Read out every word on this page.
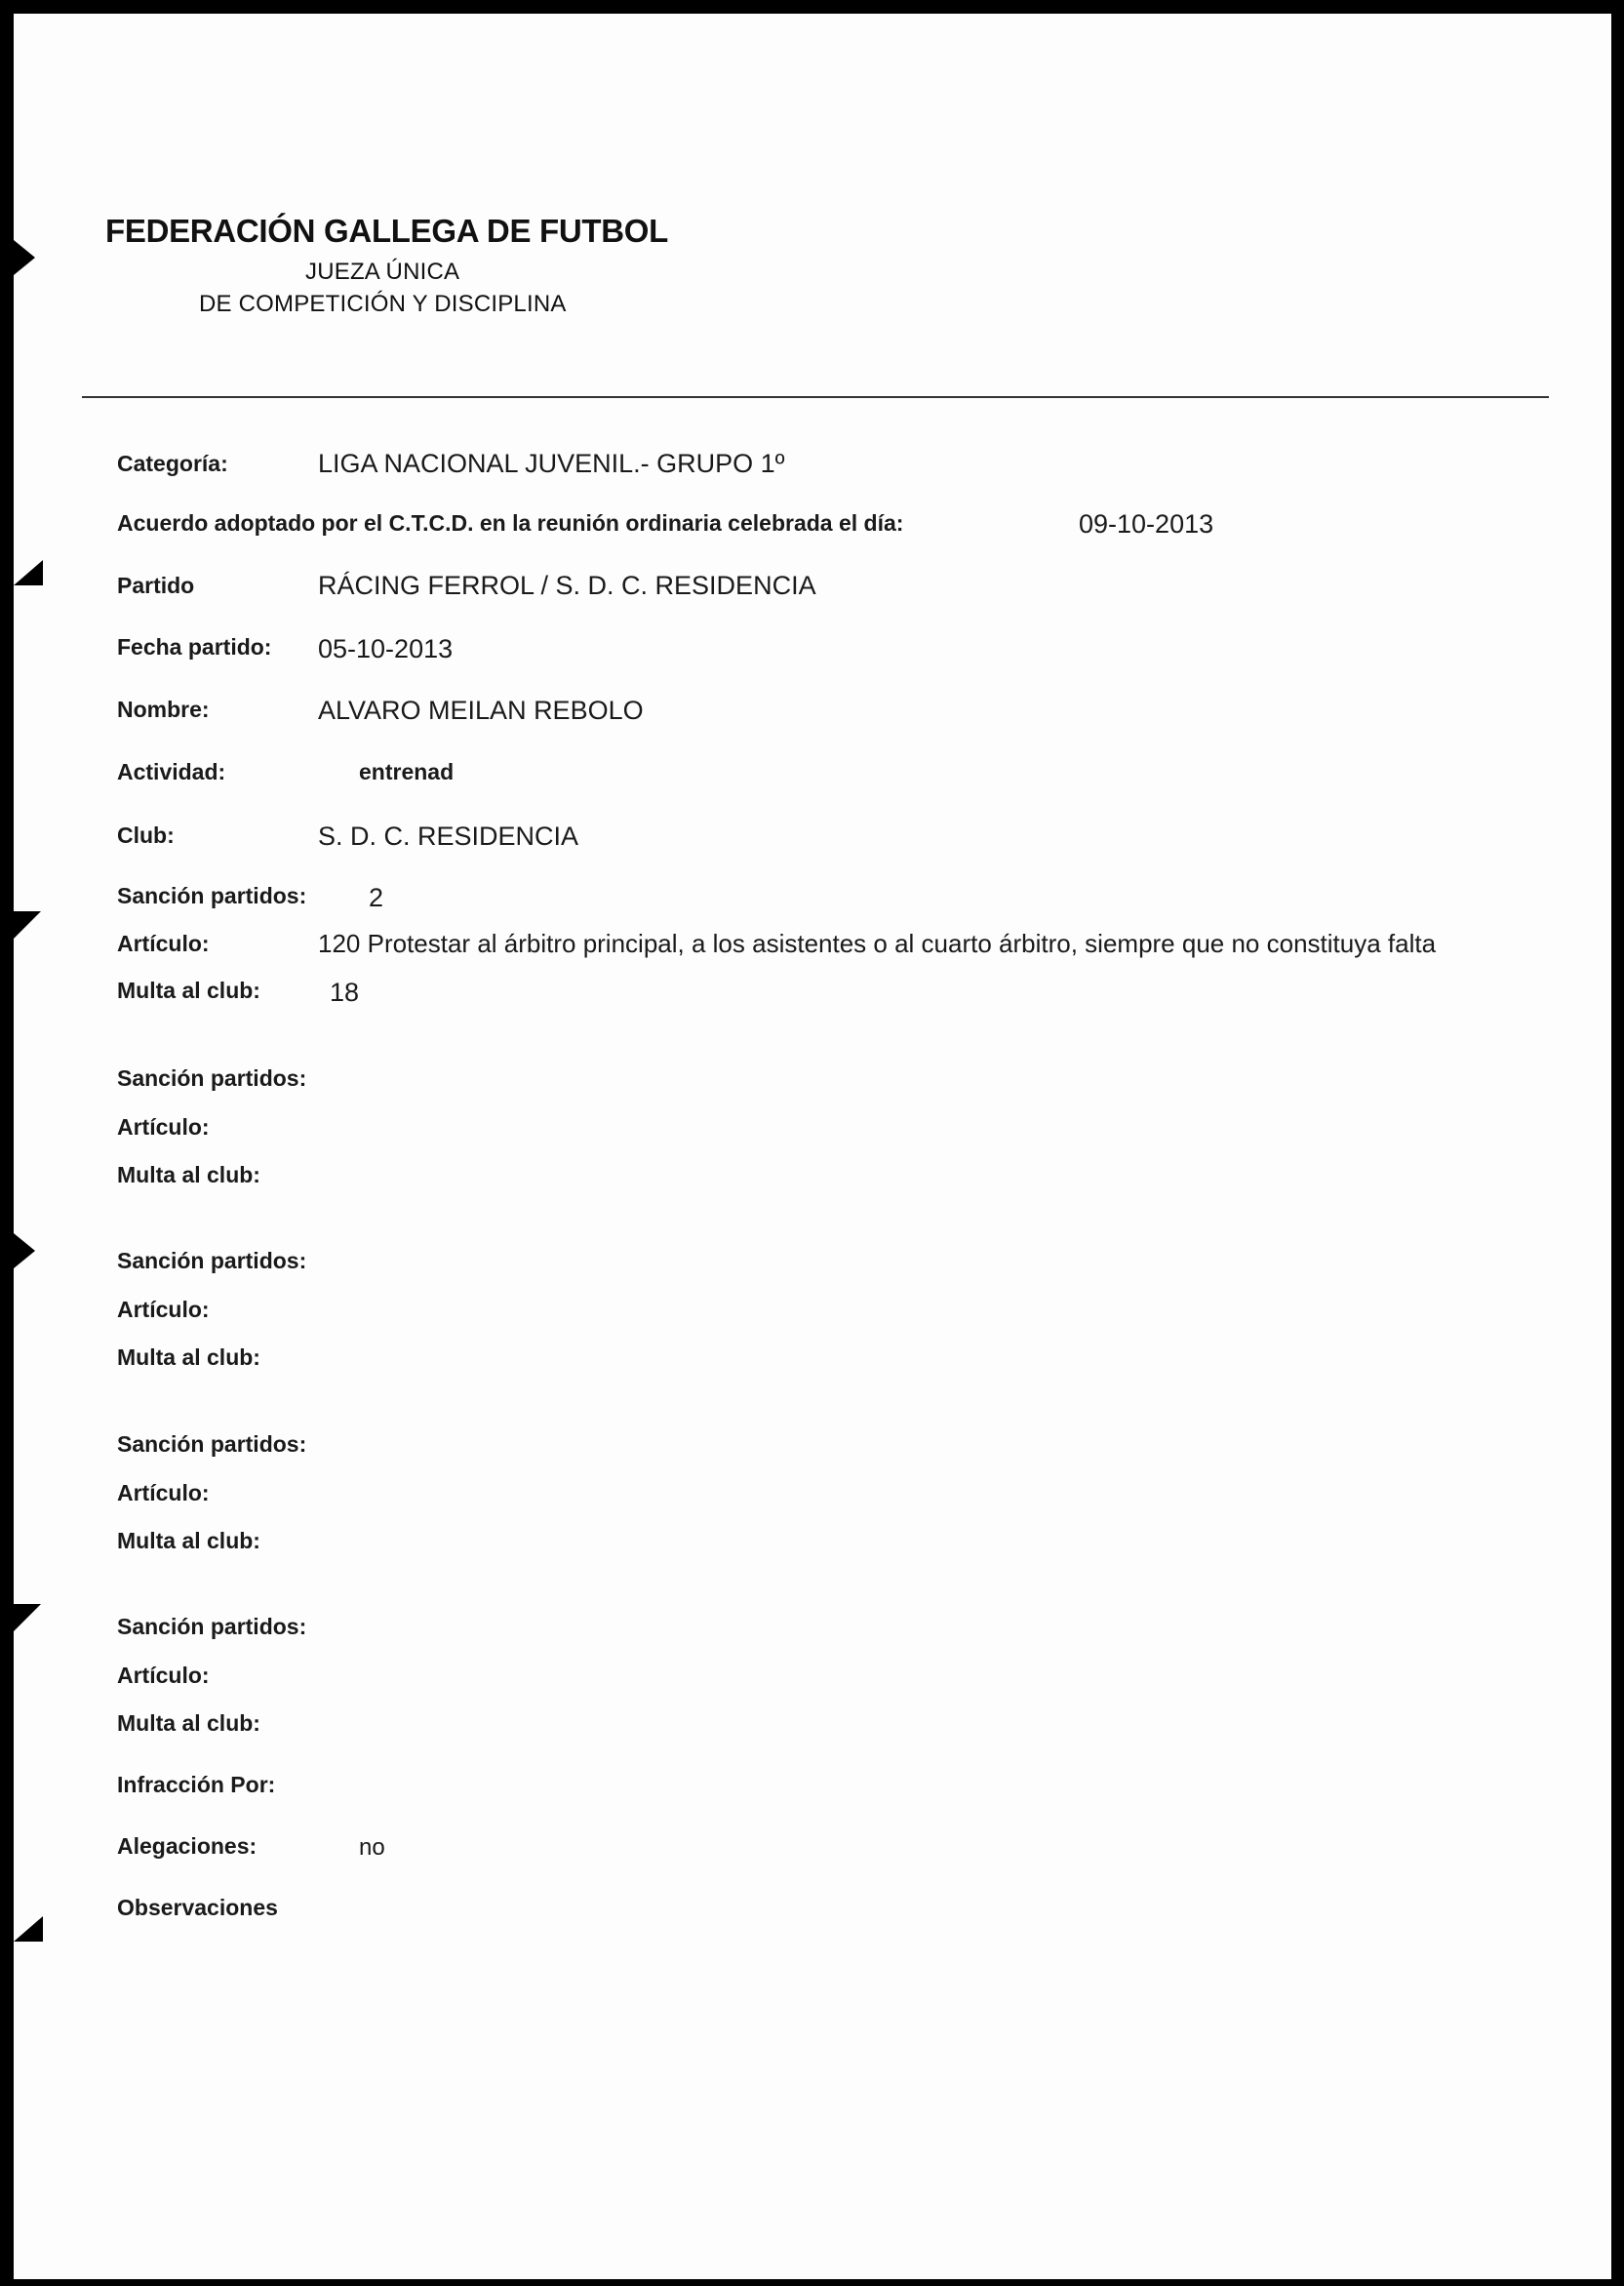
FEDERACIÓN GALLEGA DE FUTBOL

JUEZA ÚNICA

DE COMPETICIÓN Y DISCIPLINA

Categoría:	LIGA NACIONAL JUVENIL.- GRUPO 1º

Acuerdo adoptado por el C.T.C.D. en la reunión ordinaria celebrada el día:	09-10-2013

Partido	RÁCING FERROL / S. D. C. RESIDENCIA

Fecha partido: 05-10-2013

Nombre:	ALVARO MEILAN REBOLO

Actividad:	entrenad

Club:	S. D. C. RESIDENCIA

Sanción partidos: 2

Artículo:	120 Protestar al árbitro principal, a los asistentes o al cuarto árbitro, siempre que no constituya falta

Multa al club:	18

Sanción partidos:

Artículo:

Multa al club:

Sanción partidos:

Artículo:

Multa al club:

Sanción partidos:

Artículo:

Multa al club:

Sanción partidos:

Artículo:

Multa al club:

Infracción Por:

Alegaciones:	no

Observaciones
